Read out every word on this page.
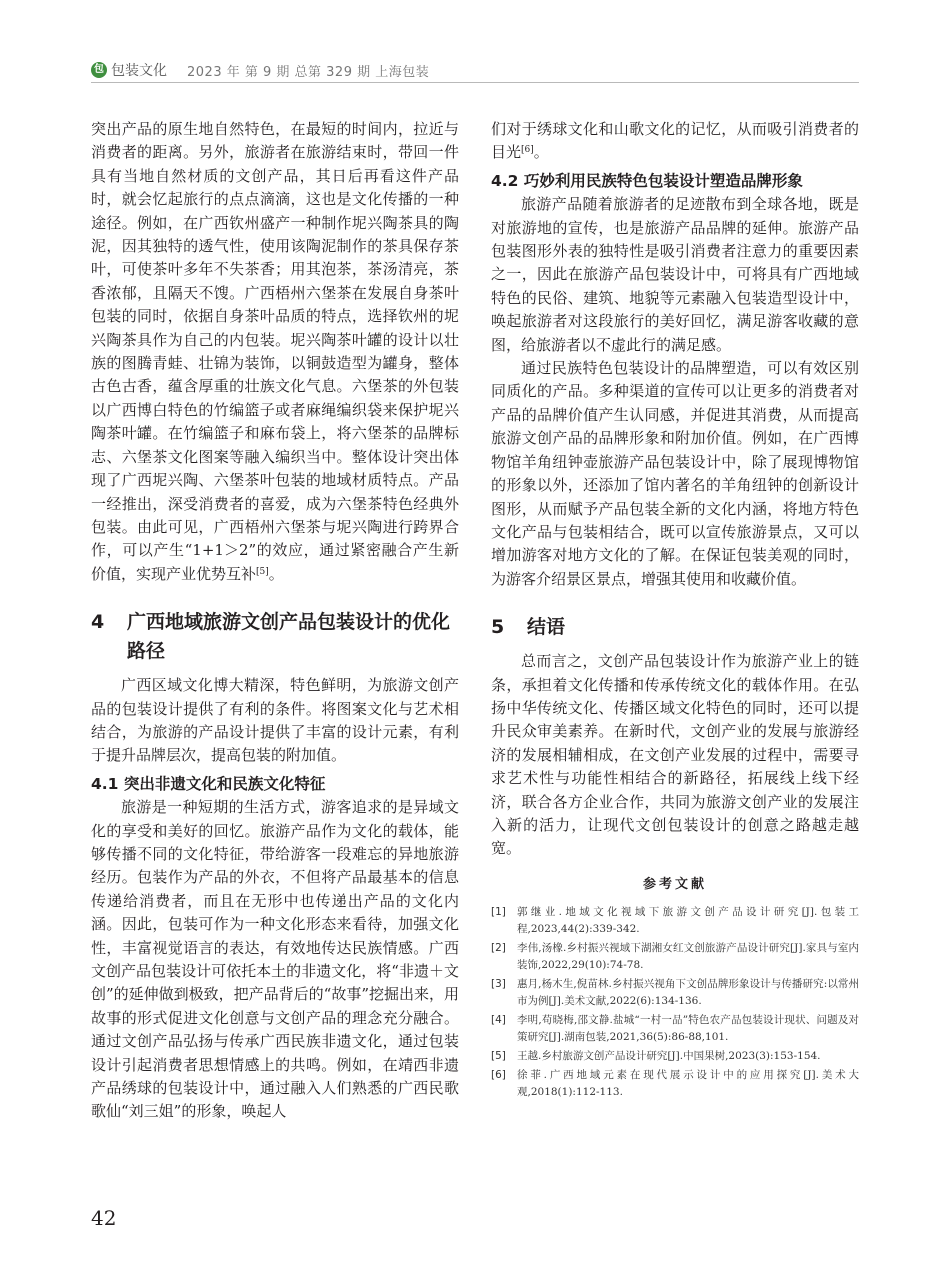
包 包装文化 2023 年 第 9 期 总第 329 期 上海包装

突出产品的原生地自然特色，在最短的时间内，拉近与消费者的距离。另外，旅游者在旅游结束时，带回一件具有当地自然材质的文创产品，其日后再看这件产品时，就会忆起旅行的点点滴滴，这也是文化传播的一种途径。例如，在广西钦州盛产一种制作坭兴陶茶具的陶泥，因其独特的透气性，使用该陶泥制作的茶具保存茶叶，可使茶叶多年不失茶香；用其泡茶，茶汤清亮，茶香浓郁，且隔天不馊。广西梧州六堡茶在发展自身茶叶包装的同时，依据自身茶叶品质的特点，选择钦州的坭兴陶茶具作为自己的内包装。坭兴陶茶叶罐的设计以壮族的图腾青蛙、壮锦为装饰，以铜鼓造型为罐身，整体古色古香，蕴含厚重的壮族文化气息。六堡茶的外包装以广西博白特色的竹编篮子或者麻绳编织袋来保护坭兴陶茶叶罐。在竹编篮子和麻布袋上，将六堡茶的品牌标志、六堡茶文化图案等融入编织当中。整体设计突出体现了广西坭兴陶、六堡茶叶包装的地域材质特点。产品一经推出，深受消费者的喜爱，成为六堡茶特色经典外包装。由此可见，广西梧州六堡茶与坭兴陶进行跨界合作，可以产生“1+1＞2”的效应，通过紧密融合产生新价值，实现产业优势互补[5]。

4	广西地域旅游文创产品包装设计的优化路径

广西区域文化博大精深，特色鲜明，为旅游文创产品的包装设计提供了有利的条件。将图案文化与艺术相结合，为旅游的产品设计提供了丰富的设计元素，有利于提升品牌层次，提高包装的附加值。

4.1 突出非遗文化和民族文化特征

旅游是一种短期的生活方式，游客追求的是异域文化的享受和美好的回忆。旅游产品作为文化的载体，能够传播不同的文化特征，带给游客一段难忘的异地旅游经历。包装作为产品的外衣，不但将产品最基本的信息传递给消费者，而且在无形中也传递出产品的文化内涵。因此，包装可作为一种文化形态来看待，加强文化性，丰富视觉语言的表达，有效地传达民族情感。广西文创产品包装设计可依托本土的非遗文化，将“非遗＋文创”的延伸做到极致，把产品背后的“故事”挖掘出来，用故事的形式促进文化创意与文创产品的理念充分融合。通过文创产品弘扬与传承广西民族非遗文化，通过包装设计引起消费者思想情感上的共鸣。例如，在靖西非遗产品绣球的包装设计中，通过融入人们熟悉的广西民歌歌仙“刘三姐”的形象，唤起人

们对于绣球文化和山歌文化的记忆，从而吸引消费者的目光[6]。

4.2 巧妙利用民族特色包装设计塑造品牌形象

旅游产品随着旅游者的足迹散布到全球各地，既是对旅游地的宣传，也是旅游产品品牌的延伸。旅游产品包装图形外表的独特性是吸引消费者注意力的重要因素之一，因此在旅游产品包装设计中，可将具有广西地域特色的民俗、建筑、地貌等元素融入包装造型设计中，唤起旅游者对这段旅行的美好回忆，满足游客收藏的意图，给旅游者以不虚此行的满足感。

通过民族特色包装设计的品牌塑造，可以有效区别同质化的产品。多种渠道的宣传可以让更多的消费者对产品的品牌价值产生认同感，并促进其消费，从而提高旅游文创产品的品牌形象和附加价值。例如，在广西博物馆羊角纽钟壶旅游产品包装设计中，除了展现博物馆的形象以外，还添加了馆内著名的羊角纽钟的创新设计图形，从而赋予产品包装全新的文化内涵，将地方特色文化产品与包装相结合，既可以宣传旅游景点，又可以增加游客对地方文化的了解。在保证包装美观的同时，为游客介绍景区景点，增强其使用和收藏价值。

5	结语

总而言之，文创产品包装设计作为旅游产业上的链条，承担着文化传播和传承传统文化的载体作用。在弘扬中华传统文化、传播区域文化特色的同时，还可以提升民众审美素养。在新时代，文创产业的发展与旅游经济的发展相辅相成，在文创产业发展的过程中，需要寻求艺术性与功能性相结合的新路径，拓展线上线下经济，联合各方企业合作，共同为旅游文创产业的发展注入新的活力，让现代文创包装设计的创意之路越走越宽。

参考文献
[1]	郭继业.地域文化视域下旅游文创产品设计研究[J].包装工程,2023,44(2):339-342.
[2]	李伟,汤橡.乡村振兴视域下湖湘女红文创旅游产品设计研究[J].家具与室内装饰,2022,29(10):74-78.
[3]	惠月,杨木生,倪苗林.乡村振兴视角下文创品牌形象设计与传播研究:以常州市为例[J].美术文献,2022(6):134-136.
[4]	李明,苟晓梅,邵文静.盐城“一村一品”特色农产品包装设计现状、问题及对策研究[J].湖南包装,2021,36(5):86-88,101.
[5]	王越.乡村旅游文创产品设计研究[J].中国果树,2023(3):153-154.
[6]	徐菲.广西地域元素在现代展示设计中的应用探究[J].美术大观,2018(1):112-113.
42
